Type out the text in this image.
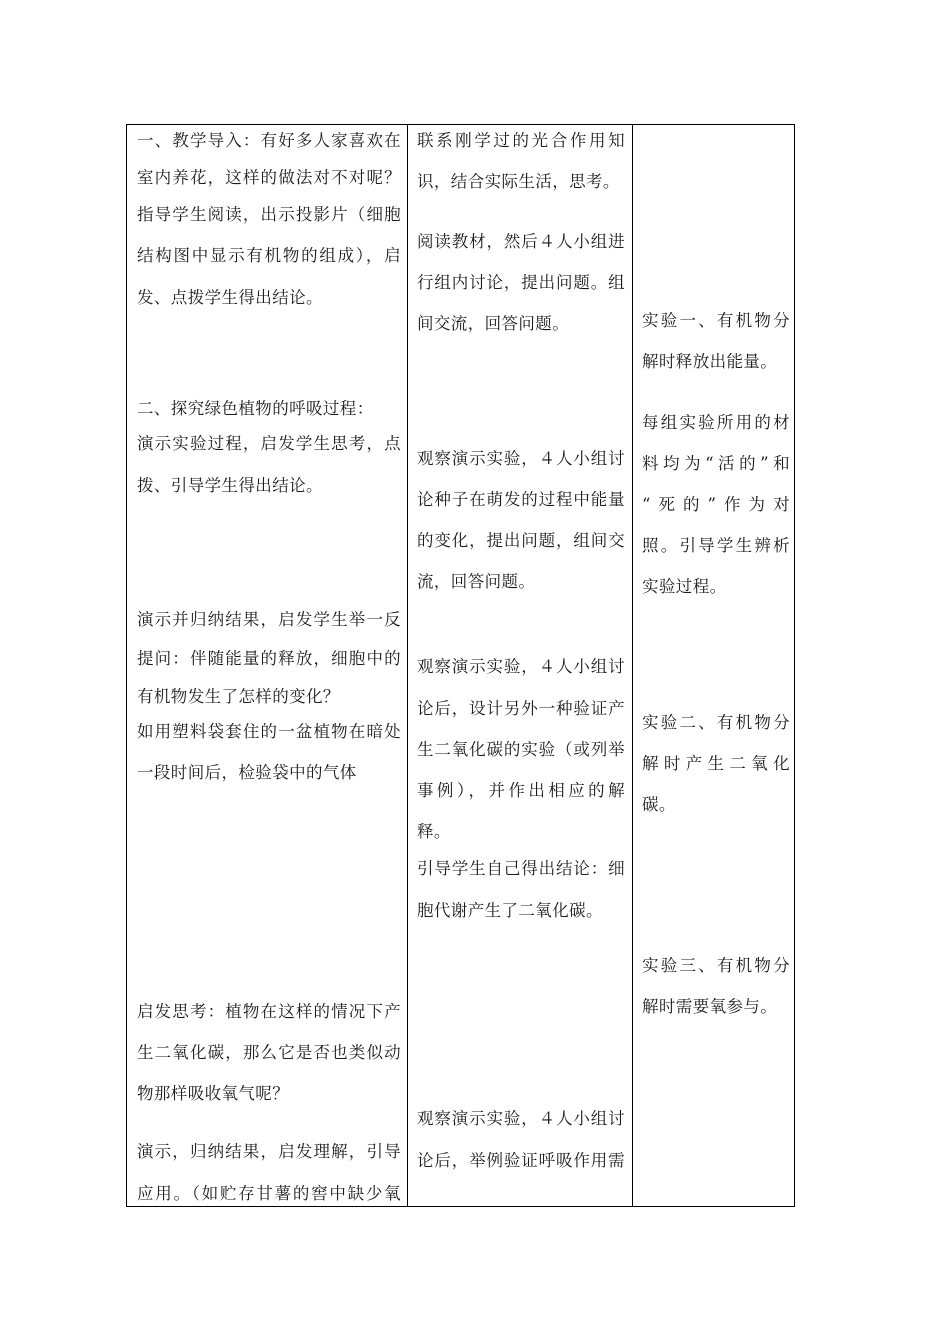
一、教学导入：有好多人家喜欢在
室内养花，这样的做法对不对呢？
指导学生阅读，出示投影片（细胞
结构图中显示有机物的组成），启
发、点拨学生得出结论。
二、探究绿色植物的呼吸过程：
演示实验过程，启发学生思考，点
拨、引导学生得出结论。
演示并归纳结果，启发学生举一反
提问：伴随能量的释放，细胞中的
有机物发生了怎样的变化？
如用塑料袋套住的一盆植物在暗处
一段时间后，检验袋中的气体
启发思考：植物在这样的情况下产
生二氧化碳，那么它是否也类似动
物那样吸收氧气呢？
演示，归纳结果，启发理解，引导
应用。（如贮存甘薯的窖中缺少氧
联系刚学过的光合作用知
识，结合实际生活，思考。
阅读教材，然后４人小组进
行组内讨论，提出问题。组
间交流，回答问题。
观察演示实验，４人小组讨
论种子在萌发的过程中能量
的变化，提出问题，组间交
流，回答问题。
观察演示实验，４人小组讨
论后，设计另外一种验证产
生二氧化碳的实验（或列举
事例），并作出相应的解
释。
引导学生自己得出结论：细
胞代谢产生了二氧化碳。
观察演示实验，４人小组讨
论后，举例验证呼吸作用需
实验一、有机物分
解时释放出能量。
每组实验所用的材
料均为“活的”和
“死的”作为对
照。引导学生辨析
实验过程。
实验二、有机物分
解时产生二氧化
碳。
实验三、有机物分
解时需要氧参与。
